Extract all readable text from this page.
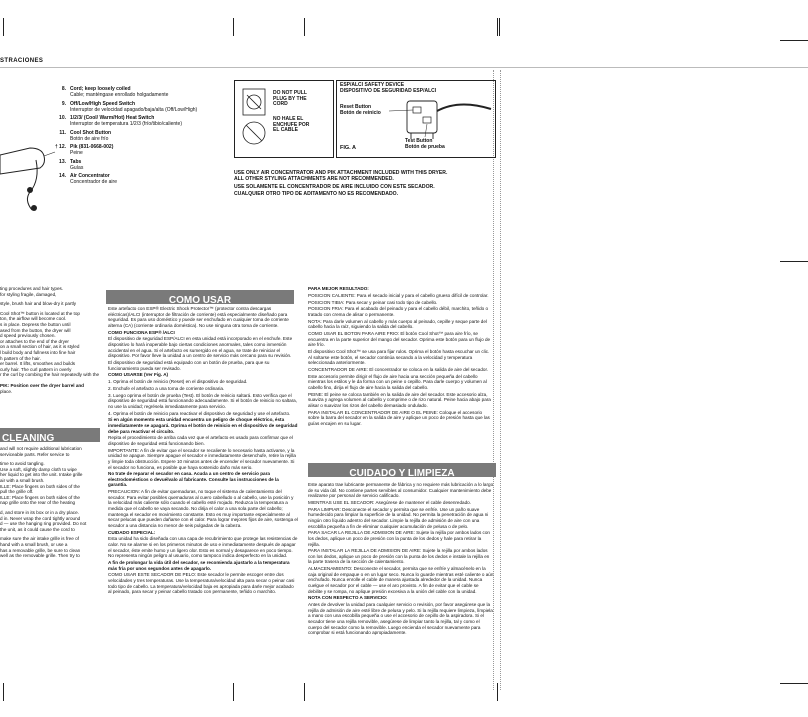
STRACIONES
8. Cord; keep loosely coiled
Cable; manténgase enrollado holgadamente
9. Off/Low/High Speed Switch
Interruptor de velocidad apagado/baja/alta (Off/Low/High)
10. 1/2/3/ (Cool/ Warm/Hot) Heat Switch
Interruptor de temperatura 1/2/3 (frío/tibio/caliente)
11. Cool Shot Button
Botón de aire frío
† 12. Pik (831-0668-002)
Peine
13. Tabs
Guías
14. Air Concentrator
Concentrador de aire
DO NOT PULL
PLUG BY THE
CORD
NO HALE EL
ENCHUFE POR
EL CABLE
ESP/ALCI SAFETY DEVICE
DISPOSITIVO DE SEGURIDAD ESP/ALCI
Reset Button
Botón de reinicio
Test Button
Botón de prueba
FIG. A
USE ONLY AIR CONCENTRATOR AND PIK ATTACHMENT INCLUDED WITH THIS DRYER.
ALL OTHER STYLING ATTACHMENTS ARE NOT RECOMMENDED.
USE SOLAMENTE EL CONCENTRADOR DE AIRE INCLUIDO CON ESTE SECADOR.
CUALQUIER OTRO TIPO DE ADITAMENTO NO ES RECOMENDADO.
ting procedures and hair types.
for styling fragile, damaged,
style, brush hair and blow-dry it partly
Cool Shot™ button is located at the top
ton, the airflow will become cool.
s in place. Depress the button until
ased from the button, the dryer will
d speed previously chosen.
or attaches to the end of the dryer
on a small section of hair, as it is styled
l build body and fullness into fine hair
h pattern of the hair.
er barrel. It lifts, smoothes and builds
curly hair. The curl pattern in overly
r the curl by combing the hair repeatedly with the
PIK: Position over the dryer barrel and
place.
CLEANING
and will not require additional lubrication
serviceable parts. Refer service to
time to avoid tangling.
Use a soft, slightly damp cloth to wipe
her liquid to get into the unit. Intake grille
air with a small brush.
ILLE: Place fingers on both sides of the
pull the grille off.
ILLE: Place fingers on both sides of the
nap grille onto the rear of the heating
d, and store in its box or in a dry place.
d in. Never wrap the cord tightly around
d — use the hanging ring provided. Do not
the unit, as it could cause the cord to
make sure the air intake grille is free of
hand with a small brush, or use a
has a removable grille, be sure to clean
well as the removable grille. Then try to
COMO USAR

Este artefacto con ESP® Electric Shock Protector™ (protector contra descargas eléctricas)/ALCI (interruptor de filtración de corriente) está especialmente diseñado para seguridad. Es para uso doméstico y puede ser enchufado en cualquier toma de corriente alterna (CA) (corriente ordinaria doméstica). No use ninguna otra toma de corriente.

COMO FUNCIONA ESP® /ALCI

El dispositivo de seguridad ESP/ALCI en esta unidad está incorporado en el enchufe. Este dispositivo lo hará inoperable bajo ciertas condiciones anormales, tales como inmersión accidental en el agua. Si el artefacto es sumergido en el agua, se trate de reiniciar el dispositivo. Por favor lleve la unidad a un centro de servicio más cercano para su revisión.

El dispositivo de seguridad está equipado con un botón de prueba, para que su funcionamiento pueda ser revisado.

COMO USARSE (Ver Fig. A)

1. Oprima el botón de reinicio (Reset) en el dispositivo de seguridad.

2. Enchufe el artefacto a una toma de corriente ordinaria.

3. Luego oprima el botón de prueba (Test). El botón de reinicio saltará. Esto verifica que el dispositivo de seguridad está funcionando adecuadamente. Si el botón de reinicio no saltara, no use la unidad; regrésela inmediatamente para servicio.

4. Oprima el botón de reinicio para reactivar el dispositivo de seguridad y use el artefacto.

Si en algún momento esta unidad encuentra un peligro de choque eléctrico, ésta inmediatamente se apagará. Oprima el botón de reinicio en el dispositivo de seguridad debe para reactivar el circuito.

Repita el procedimiento de arriba cada vez que el artefacto es usado para confirmar que el dispositivo de seguridad está funcionando bien.

IMPORTANTE: A fin de evitar que el secador se recaliente lo necesario hasta activarse, y la unidad se apague. Siempre apague el secador e inmediatamente desenchufe, retire la rejilla y limpie toda obstrucción. Espere 10 minutos antes de encender el secador nuevamente. Si el secador no funciona, es posible que haya sostenido daño más serio.

No trate de reparar el secador en casa. Acuda a un centro de servicio para electrodomésticos o devuélvalo al fabricante. Consulte las instrucciones de la garantía.

PRECAUCION: A fin de evitar quemaduras, no toque el sistema de calentamiento del secador. Para evitar posibles quemaduras al cuero cabelludo o al cabello, use la posición y la velocidad más caliente sólo cuando el cabello esté mojado. Reduzca la temperatura a medida que el cabello se vaya secando. No dirija el calor a una sola parte del cabello; mantenga el secador en movimiento constante. Esto es muy importante especialmente al secar pelucas que pueden dañarse con el calor. Para lograr mejores fijos de aire, sostenga el secador a una distancia no menor de seis pulgadas de la cabeza.

CUIDADO ESPECIAL:

Esta unidad ha sido diseñada con una capa de recubrimiento que protege las resistencias de calor. No se alarme si en los primeros minutos de uso e inmediatamente después de apagar el secador, éste emite humo y un ligero olor. Esto es normal y desaparece en poco tiempo. No representa ningún peligro al usuario, como tampoco indica desperfecto en la unidad.

A fin de prolongar la vida útil del secador, se recomienda ajustarlo a la temperatura más fría por unos segundos antes de apagarlo.

COMO USAR ESTE SECADOR DE PELO: Este secador le permite escoger entre dos velocidades y tres temperaturas. Use la temperatura/velocidad alta para secar o peinar casi todo tipo de cabello. La temperatura/velocidad baja es apropiada para darle mejor acabado al peinado, para secar y peinar cabello tratado con permanente, teñido o marchito.

PARA MEJOR RESULTADO:

POSICION CALIENTE: Para el secado inicial y para el cabello grueso difícil de controlar.

POSICION TIBIA: Para secar y peinar casi todo tipo de cabello.

POSICION FRIA: Para el acabado del peinado y para el cabello débil, marchito, teñido o tratado con crema de alisar o permanente.

NOTA: Para darle volumen al cabello y más cuerpo al peinado, cepille y seque parte del cabello hacia la raíz, siguiendo la salida del cabello.

COMO USAR EL BOTON PARA AIRE FRIO: El botón Cool Shot™ para aire frío, se encuentra en la parte superior del mango del secador. Oprima este botón para un flujo de aire frío.

El dispositivo Cool Shot™ se usa para fijar rulos. Oprima el botón hasta escuchar un clic. Al soltarse este botón, el secador continúa secando a la velocidad y temperatura seleccionada anteriormente.

CONCENTRADOR DE AIRE: El concentrador se coloca en la salida de aire del secador.

Este accesorio permite dirigir el flujo de aire hacia una sección pequeña del cabello mientras los estilos y le da forma con un peine o cepillo. Para darle cuerpo y volumen al cabello fino, dirija el flujo de aire hacia la salida del cabello.

PEINE: El peine se coloca también en la salida de aire del secador. Este accesorio alza, suaviza y agrega volumen al cabello y comprime o de rizo natural. Peine hacia abajo para alisar o suavizar los rizos del cabello demasiado ondulado.

PARA INSTALAR EL CONCENTRADOR DE AIRE O EL PEINE: Coloque el accesorio sobre la barra del secador en la salida de aire y aplique un poco de presión hasta que las guías encajen en su lugar.

CUIDADO Y LIMPIEZA

Este aparato trae lubricante permanente de fábrica y no requiere más lubricación a lo largo de su vida útil. No contiene partes servibles al consumidor. Cualquier mantenimiento debe realizarse por personal de servicio calificado.

MIENTRAS USE EL SECADOR: Asegúrese de mantener el cable desenredado.

PARA LIMPIAR: Desconecte el secador y permita que se enfríe. Use un paño suave humedecido para limpiar la superficie de la unidad. No permita la penetración de agua ni ningún otro líquido adentro del secador. Limpie la rejilla de admisión de aire con una escobilla pequeña a fin de eliminar cualquier acumulación de pelusa o de pelo.

PARA SACAR LA REJILLA DE ADMISION DE AIRE: Sujete la rejilla por ambos lados con los dedos, aplique un poco de presión con la punta de los dedos y hale para retirar la rejilla.

PARA INSTALAR LA REJILLA DE ADMISION DE AIRE: Sujete la rejilla por ambos lados con los dedos, aplique un poco de presión con la punta de los dedos e instale la rejilla en la parte trasera de la sección de calentamiento.

ALMACENAMIENTO: Desconecte el secador, permita que se enfríe y almacénelo en la caja original de empaque o en un lugar seco. Nunca lo guarde mientras esté caliente o aún enchufado. Nunca enrolle el cable de manera ajustada alrededor de la unidad. Nunca cuelgue el secador por el cable — use el aro provisto. A fin de evitar que el cable se debilite y se rompa, no aplique presión excesiva a la unión del cable con la unidad.

NOTA CON RESPECTO A SERVICIO:

Antes de devolver la unidad para cualquier servicio o revisión, por favor asegúrese que la rejilla de admisión de aire esté libre de pelusa y pelo. Si la rejilla requiere limpieza, límpiela a mano con una escobilla pequeña o use el accesorio de cepillo de la aspiradora. Si el secador tiene una rejilla removible, asegúrese de limpiar tanto la rejilla, tal y como el cuerpo del secador como la removible. Luego encienda el secador nuevamente para comprobar si está funcionando apropiadamente.
